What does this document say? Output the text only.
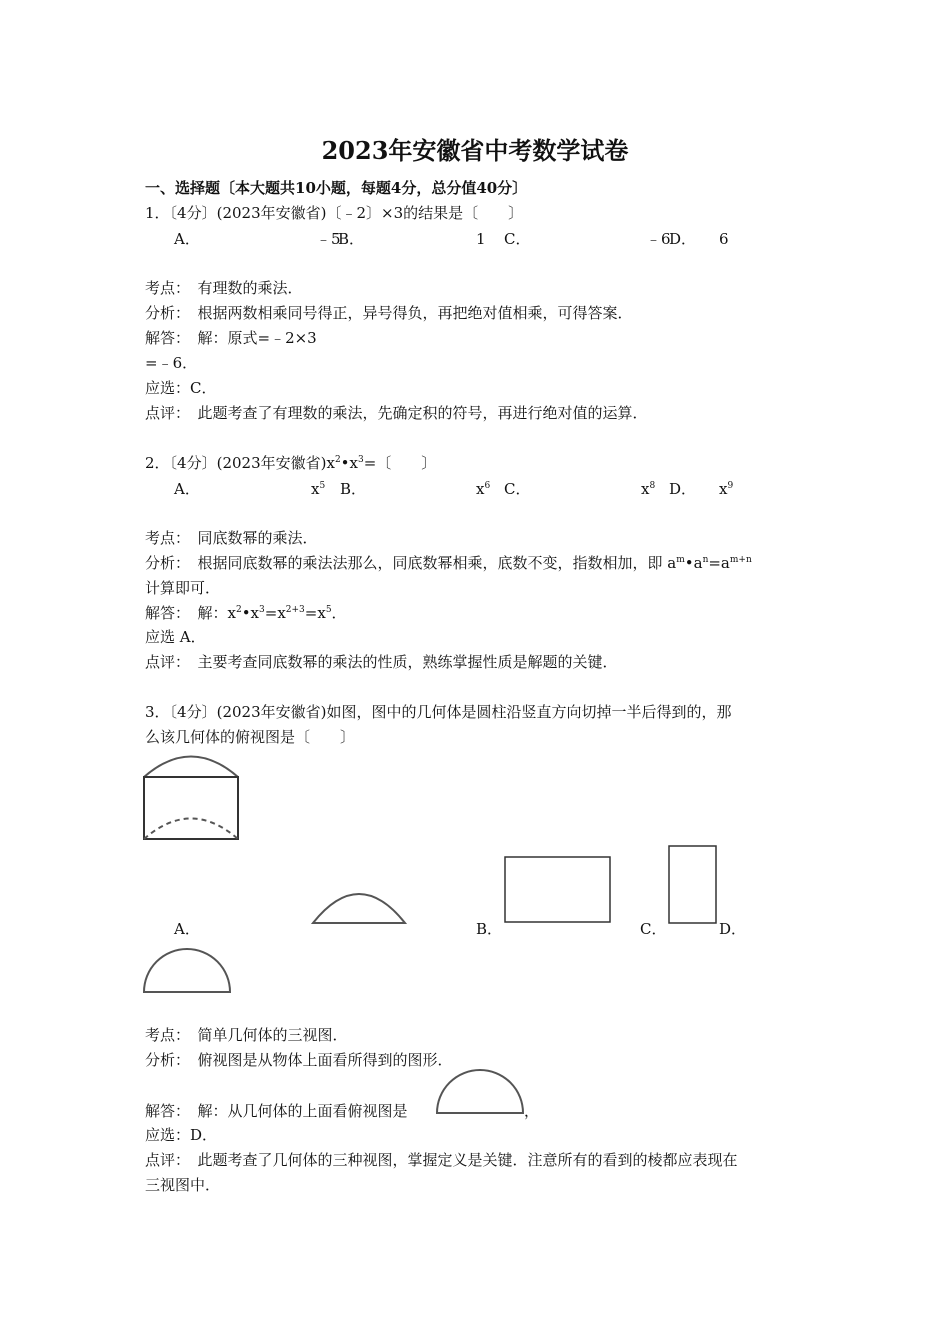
2023年安徽省中考数学试卷
一、选择题〔本大题共10小题，每题4分，总分值40分〕
1．〔4分〕(2023年安徽省)〔﹣2〕×3的结果是〔　　〕
A．	﹣5
B．	1 C．	﹣6
D． 6
考点：　有理数的乘法．
分析：　根据两数相乘同号得正，异号得负，再把绝对值相乘，可得答案．
解答：　解：原式=﹣2×3
=﹣6．
应选：C．
点评：　此题考查了有理数的乘法，先确定积的符号，再进行绝对值的运算．
2．〔4分〕(2023年安徽省)$x^2•x^3=$〔　　〕
A．	$x^5$ B．	$x^6$ C．	$x^8$ D． $x^9$
考点：　同底数幂的乘法．
分析：　根据同底数幂的乘法法那么，同底数幂相乘，底数不变，指数相加，即 $a^m•a^n=a^{m+n}$
计算即可．
解答：　解：$x^2•x^3=x^{2+3}=x^5$．
应选 A．
点评：　主要考查同底数幂的乘法的性质，熟练掌握性质是解题的关键．
3．〔4分〕(2023年安徽省)如图，图中的几何体是圆柱沿竖直方向切掉一半后得到的，那
么该几何体的俯视图是〔　　〕
A．	B．	C．	D．
考点：　简单几何体的三视图．
分析：　俯视图是从物体上面看所得到的图形．
解答：　解：从几何体的上面看俯视图是	，
应选：D．
点评：　此题考查了几何体的三种视图，掌握定义是关键．注意所有的看到的棱都应表现在
三视图中．
